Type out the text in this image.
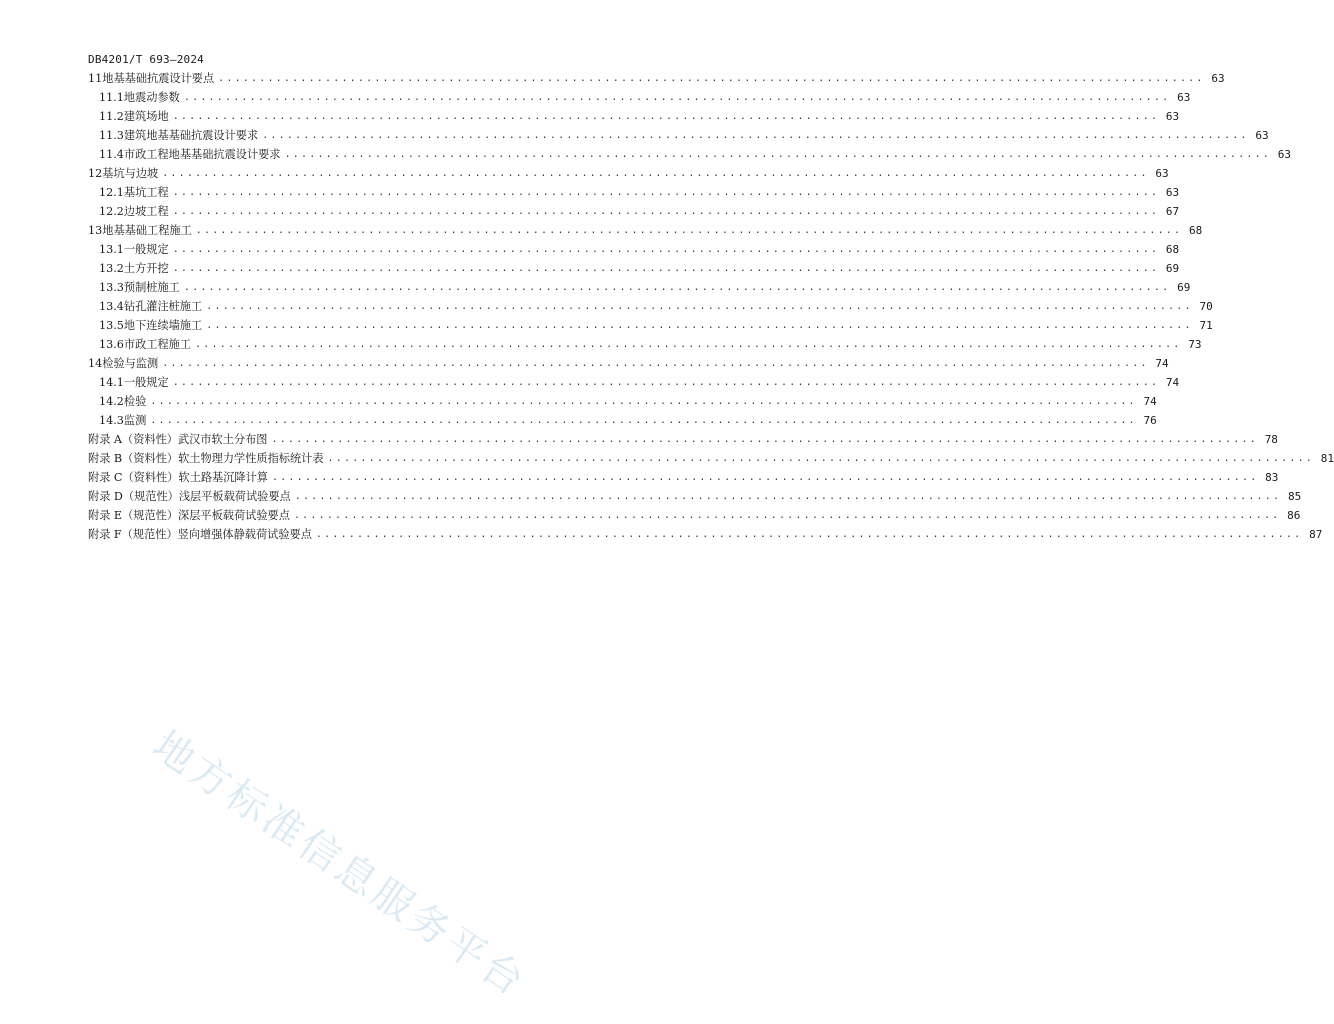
DB4201/T 693—2024
11 地基基础抗震设计要点 ........................................................................................................................ 63
11.1 地震动参数 ........................................................................................................................ 63
11.2 建筑场地 ........................................................................................................................ 63
11.3 建筑地基基础抗震设计要求 ........................................................................................................................ 63
11.4 市政工程地基基础抗震设计要求 ........................................................................................................................ 63
12 基坑与边坡 ........................................................................................................................ 63
12.1 基坑工程 ........................................................................................................................ 63
12.2 边坡工程 ........................................................................................................................ 67
13 地基基础工程施工 ........................................................................................................................ 68
13.1 一般规定 ........................................................................................................................ 68
13.2 土方开挖 ........................................................................................................................ 69
13.3 预制桩施工 ........................................................................................................................ 69
13.4 钻孔灌注桩施工 ........................................................................................................................ 70
13.5 地下连续墙施工 ........................................................................................................................ 71
13.6 市政工程施工 ........................................................................................................................ 73
14 检验与监测 ........................................................................................................................ 74
14.1 一般规定 ........................................................................................................................ 74
14.2 检验 ........................................................................................................................ 74
14.3 监测 ........................................................................................................................ 76
附录 A（资料性） 武汉市软土分布图 ........................................................................................................................ 78
附录 B（资料性） 软土物理力学性质指标统计表 ........................................................................................................................ 81
附录 C（资料性） 软土路基沉降计算 ........................................................................................................................ 83
附录 D（规范性） 浅层平板载荷试验要点 ........................................................................................................................ 85
附录 E（规范性） 深层平板载荷试验要点 ........................................................................................................................ 86
附录 F（规范性） 竖向增强体静载荷试验要点 ........................................................................................................................ 87
地方标准信息服务平台
